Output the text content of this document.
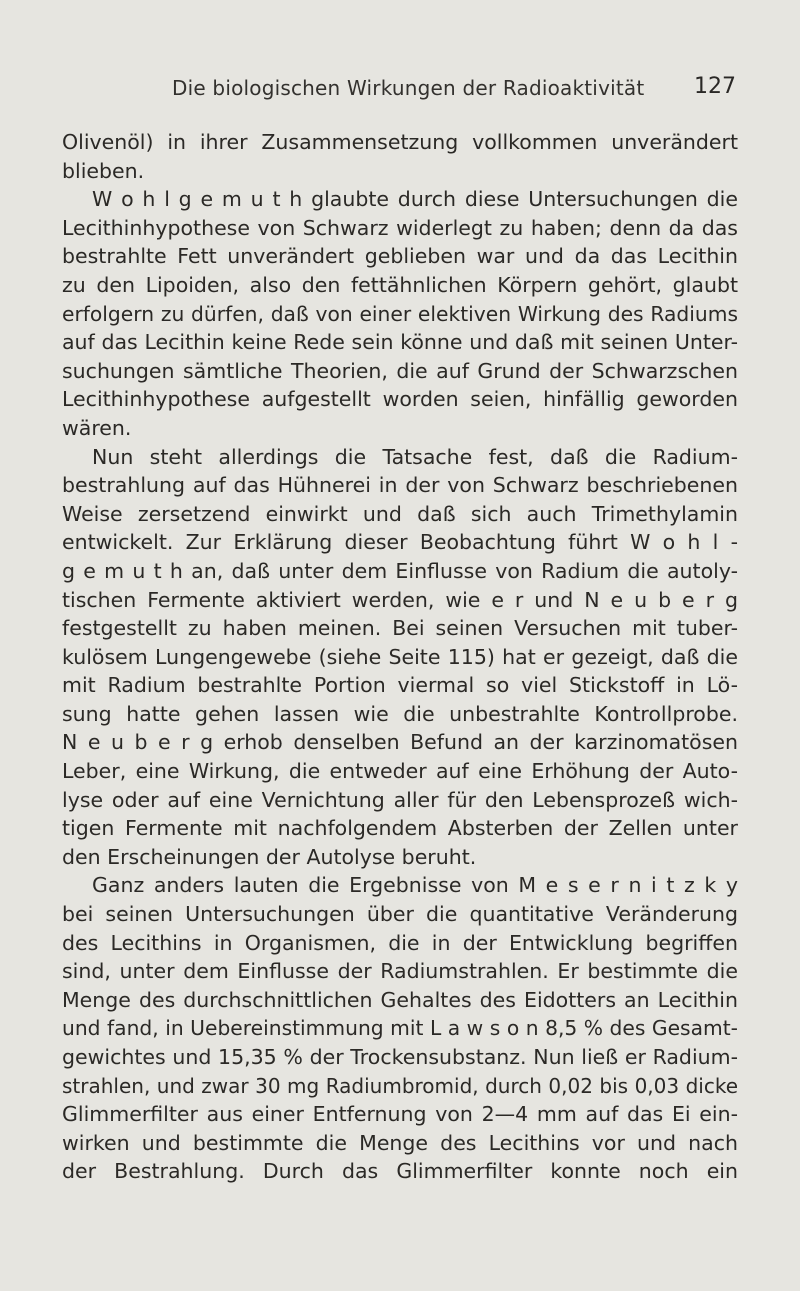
Die biologischen Wirkungen der Radioaktivität 127
Olivenöl) in ihrer Zusammensetzung vollkommen unverändert
blieben.
W o h l g e m u t h glaubte durch diese Untersuchungen die
Lecithinhypothese von Schwarz widerlegt zu haben; denn da das
bestrahlte Fett unverändert geblieben war und da das Lecithin
zu den Lipoiden, also den fettähnlichen Körpern gehört, glaubt
erfolgern zu dürfen, daß von einer elektiven Wirkung des Radiums
auf das Lecithin keine Rede sein könne und daß mit seinen Unter-
suchungen sämtliche Theorien, die auf Grund der Schwarzschen
Lecithinhypothese aufgestellt worden seien, hinfällig geworden
wären.
Nun steht allerdings die Tatsache fest, daß die Radium-
bestrahlung auf das Hühnerei in der von Schwarz beschriebenen
Weise zersetzend einwirkt und daß sich auch Trimethylamin
entwickelt. Zur Erklärung dieser Beobachtung führt W o h l -
g e m u t h an, daß unter dem Einflusse von Radium die autoly-
tischen Fermente aktiviert werden, wie e r und N e u b e r g
festgestellt zu haben meinen. Bei seinen Versuchen mit tuber-
kulösem Lungengewebe (siehe Seite 115) hat er gezeigt, daß die
mit Radium bestrahlte Portion viermal so viel Stickstoff in Lö-
sung hatte gehen lassen wie die unbestrahlte Kontrollprobe.
N e u b e r g erhob denselben Befund an der karzinomatösen
Leber, eine Wirkung, die entweder auf eine Erhöhung der Auto-
lyse oder auf eine Vernichtung aller für den Lebensprozeß wich-
tigen Fermente mit nachfolgendem Absterben der Zellen unter
den Erscheinungen der Autolyse beruht.
Ganz anders lauten die Ergebnisse von M e s e r n i t z k y
bei seinen Untersuchungen über die quantitative Veränderung
des Lecithins in Organismen, die in der Entwicklung begriffen
sind, unter dem Einflusse der Radiumstrahlen. Er bestimmte die
Menge des durchschnittlichen Gehaltes des Eidotters an Lecithin
und fand, in Uebereinstimmung mit L a w s o n 8,5 % des Gesamt-
gewichtes und 15,35 % der Trockensubstanz. Nun ließ er Radium-
strahlen, und zwar 30 mg Radiumbromid, durch 0,02 bis 0,03 dicke
Glimmerfilter aus einer Entfernung von 2—4 mm auf das Ei ein-
wirken und bestimmte die Menge des Lecithins vor und nach
der Bestrahlung. Durch das Glimmerfilter konnte noch ein
